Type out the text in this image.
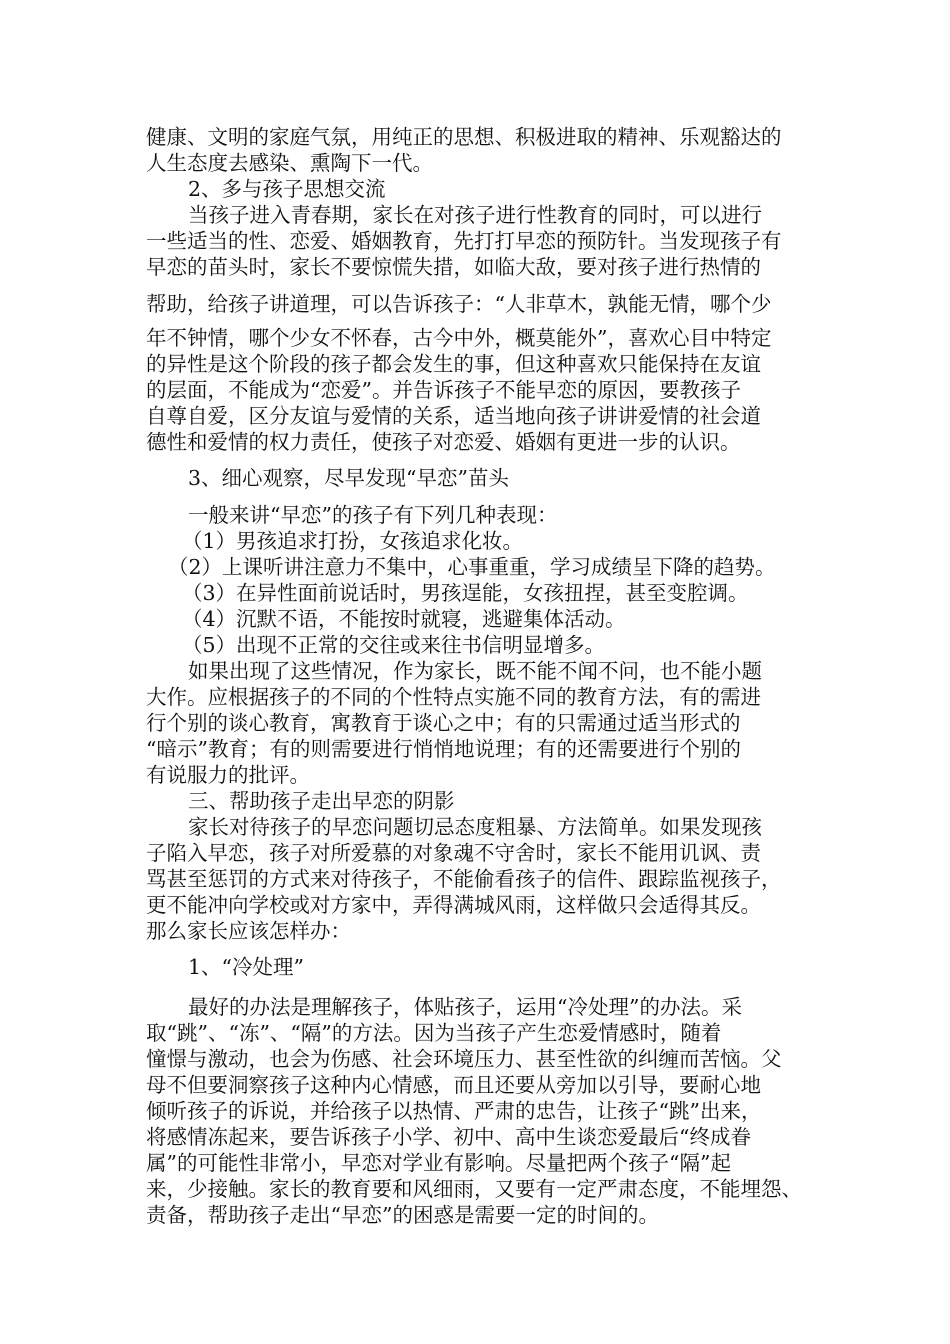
健康、文明的家庭气氛，用纯正的思想、积极进取的精神、乐观豁达的
人生态度去感染、熏陶下一代。
2、多与孩子思想交流
当孩子进入青春期，家长在对孩子进行性教育的同时，可以进行
一些适当的性、恋爱、婚姻教育，先打打早恋的预防针。当发现孩子有
早恋的苗头时，家长不要惊慌失措，如临大敌，要对孩子进行热情的
帮助，给孩子讲道理，可以告诉孩子：“人非草木，孰能无情，哪个少
年不钟情，哪个少女不怀春，古今中外，概莫能外”，喜欢心目中特定
的异性是这个阶段的孩子都会发生的事，但这种喜欢只能保持在友谊
的层面，不能成为“恋爱”。并告诉孩子不能早恋的原因，要教孩子
自尊自爱，区分友谊与爱情的关系，适当地向孩子讲讲爱情的社会道
德性和爱情的权力责任，使孩子对恋爱、婚姻有更进一步的认识。
3、细心观察，尽早发现“早恋”苗头
一般来讲“早恋”的孩子有下列几种表现：
（1）男孩追求打扮，女孩追求化妆。
（2）上课听讲注意力不集中，心事重重，学习成绩呈下降的趋势。
（3）在异性面前说话时，男孩逞能，女孩扭捏，甚至变腔调。
（4）沉默不语，不能按时就寝，逃避集体活动。
（5）出现不正常的交往或来往书信明显增多。
如果出现了这些情况，作为家长，既不能不闻不问，也不能小题
大作。应根据孩子的不同的个性特点实施不同的教育方法，有的需进
行个别的谈心教育，寓教育于谈心之中；有的只需通过适当形式的
“暗示”教育；有的则需要进行悄悄地说理；有的还需要进行个别的
有说服力的批评。
三、帮助孩子走出早恋的阴影
家长对待孩子的早恋问题切忌态度粗暴、方法简单。如果发现孩
子陷入早恋，孩子对所爱慕的对象魂不守舍时，家长不能用讥讽、责
骂甚至惩罚的方式来对待孩子，不能偷看孩子的信件、跟踪监视孩子，
更不能冲向学校或对方家中，弄得满城风雨，这样做只会适得其反。
那么家长应该怎样办：
1、“冷处理”
最好的办法是理解孩子，体贴孩子，运用“冷处理”的办法。采
取“跳”、“冻”、“隔”的方法。因为当孩子产生恋爱情感时，随着
憧憬与激动，也会为伤感、社会环境压力、甚至性欲的纠缠而苦恼。父
母不但要洞察孩子这种内心情感，而且还要从旁加以引导，要耐心地
倾听孩子的诉说，并给孩子以热情、严肃的忠告，让孩子“跳”出来，
将感情冻起来，要告诉孩子小学、初中、高中生谈恋爱最后“终成眷
属”的可能性非常小，早恋对学业有影响。尽量把两个孩子“隔”起
来，少接触。家长的教育要和风细雨，又要有一定严肃态度，不能埋怨、
责备，帮助孩子走出“早恋”的困惑是需要一定的时间的。
